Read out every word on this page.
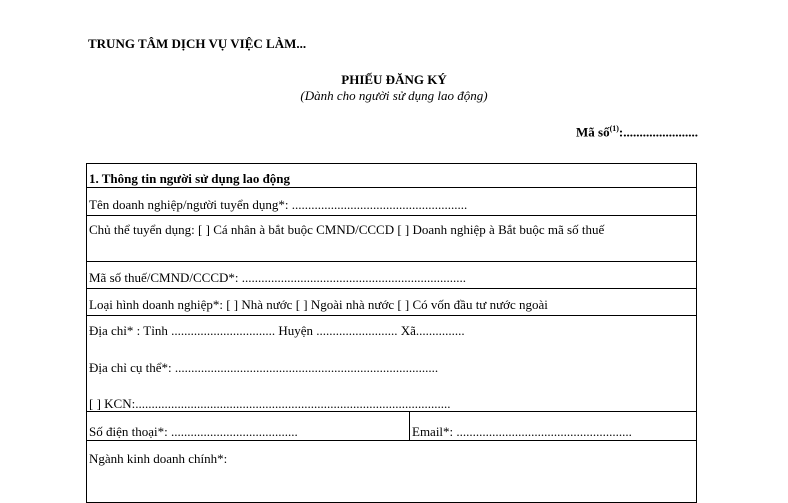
TRUNG TÂM DỊCH VỤ VIỆC LÀM...
PHIẾU ĐĂNG KÝ
(Dành cho người sử dụng lao động)
Mã số$^{(1)}$:.......................
1. Thông tin người sử dụng lao động
Tên doanh nghiệp/người tuyển dụng*: ......................................................
Chủ thể tuyển dụng: [ ] Cá nhân à bắt buộc CMND/CCCD [ ] Doanh nghiệp à Bắt buộc mã số thuế
Mã số thuế/CMND/CCCD*: .....................................................................
Loại hình doanh nghiệp*: [ ] Nhà nước [ ] Ngoài nhà nước [ ] Có vốn đầu tư nước ngoài
Địa chỉ* : Tỉnh ................................ Huyện ......................... Xã...............
Địa chỉ cụ thể*: .................................................................................
[ ] KCN:.................................................................................................
Số điện thoại*: .......................................	Email*: ......................................................
Ngành kinh doanh chính*:
